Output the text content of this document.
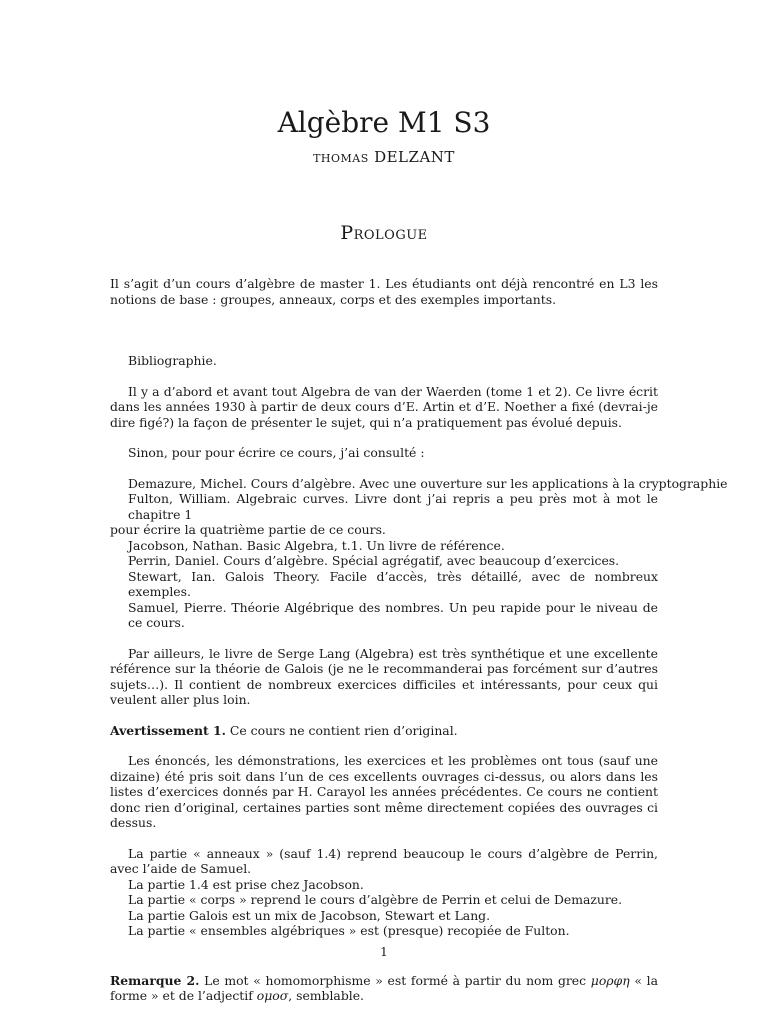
Algèbre M1 S3
thomas DELZANT
Prologue

Il s’agit d’un cours d’algèbre de master 1. Les étudiants ont déjà rencontré en L3 les notions de base : groupes, anneaux, corps et des exemples importants.

Bibliographie.

Il y a d’abord et avant tout Algebra de van der Waerden (tome 1 et 2). Ce livre écrit dans les années 1930 à partir de deux cours d’E. Artin et d’E. Noether a fixé (devrai-je dire figé?) la façon de présenter le sujet, qui n’a pratiquement pas évolué depuis.

Sinon, pour pour écrire ce cours, j’ai consulté :

Demazure, Michel. Cours d’algèbre. Avec une ouverture sur les applications à la cryptographie

Fulton, William. Algebraic curves. Livre dont j’ai repris a peu près mot à mot le chapitre 1

pour écrire la quatrième partie de ce cours.

Jacobson, Nathan. Basic Algebra, t.1. Un livre de référence.

Perrin, Daniel. Cours d’algèbre. Spécial agrégatif, avec beaucoup d’exercices.

Stewart, Ian. Galois Theory. Facile d’accès, très détaillé, avec de nombreux exemples.

Samuel, Pierre. Théorie Algébrique des nombres. Un peu rapide pour le niveau de ce cours.

Par ailleurs, le livre de Serge Lang (Algebra) est très synthétique et une excellente référence sur la théorie de Galois (je ne le recommanderai pas forcément sur d’autres sujets…). Il contient de nombreux exercices difficiles et intéressants, pour ceux qui veulent aller plus loin.

Avertissement 1. Ce cours ne contient rien d’original.

Les énoncés, les démonstrations, les exercices et les problèmes ont tous (sauf une dizaine) été pris soit dans l’un de ces excellents ouvrages ci-dessus, ou alors dans les listes d’exercices donnés par H. Carayol les années précédentes. Ce cours ne contient donc rien d’original, certaines parties sont même directement copiées des ouvrages ci dessus.

La partie « anneaux » (sauf 1.4) reprend beaucoup le cours d’algèbre de Perrin, avec l’aide de Samuel.

La partie 1.4 est prise chez Jacobson.

La partie « corps » reprend le cours d’algèbre de Perrin et celui de Demazure.

La partie Galois est un mix de Jacobson, Stewart et Lang.

La partie « ensembles algébriques » est (presque) recopiée de Fulton.

Remarque 2. Le mot « homomorphisme » est formé à partir du nom grec μορφη « la forme » et de l’adjectif ομοσ, semblable.

1
